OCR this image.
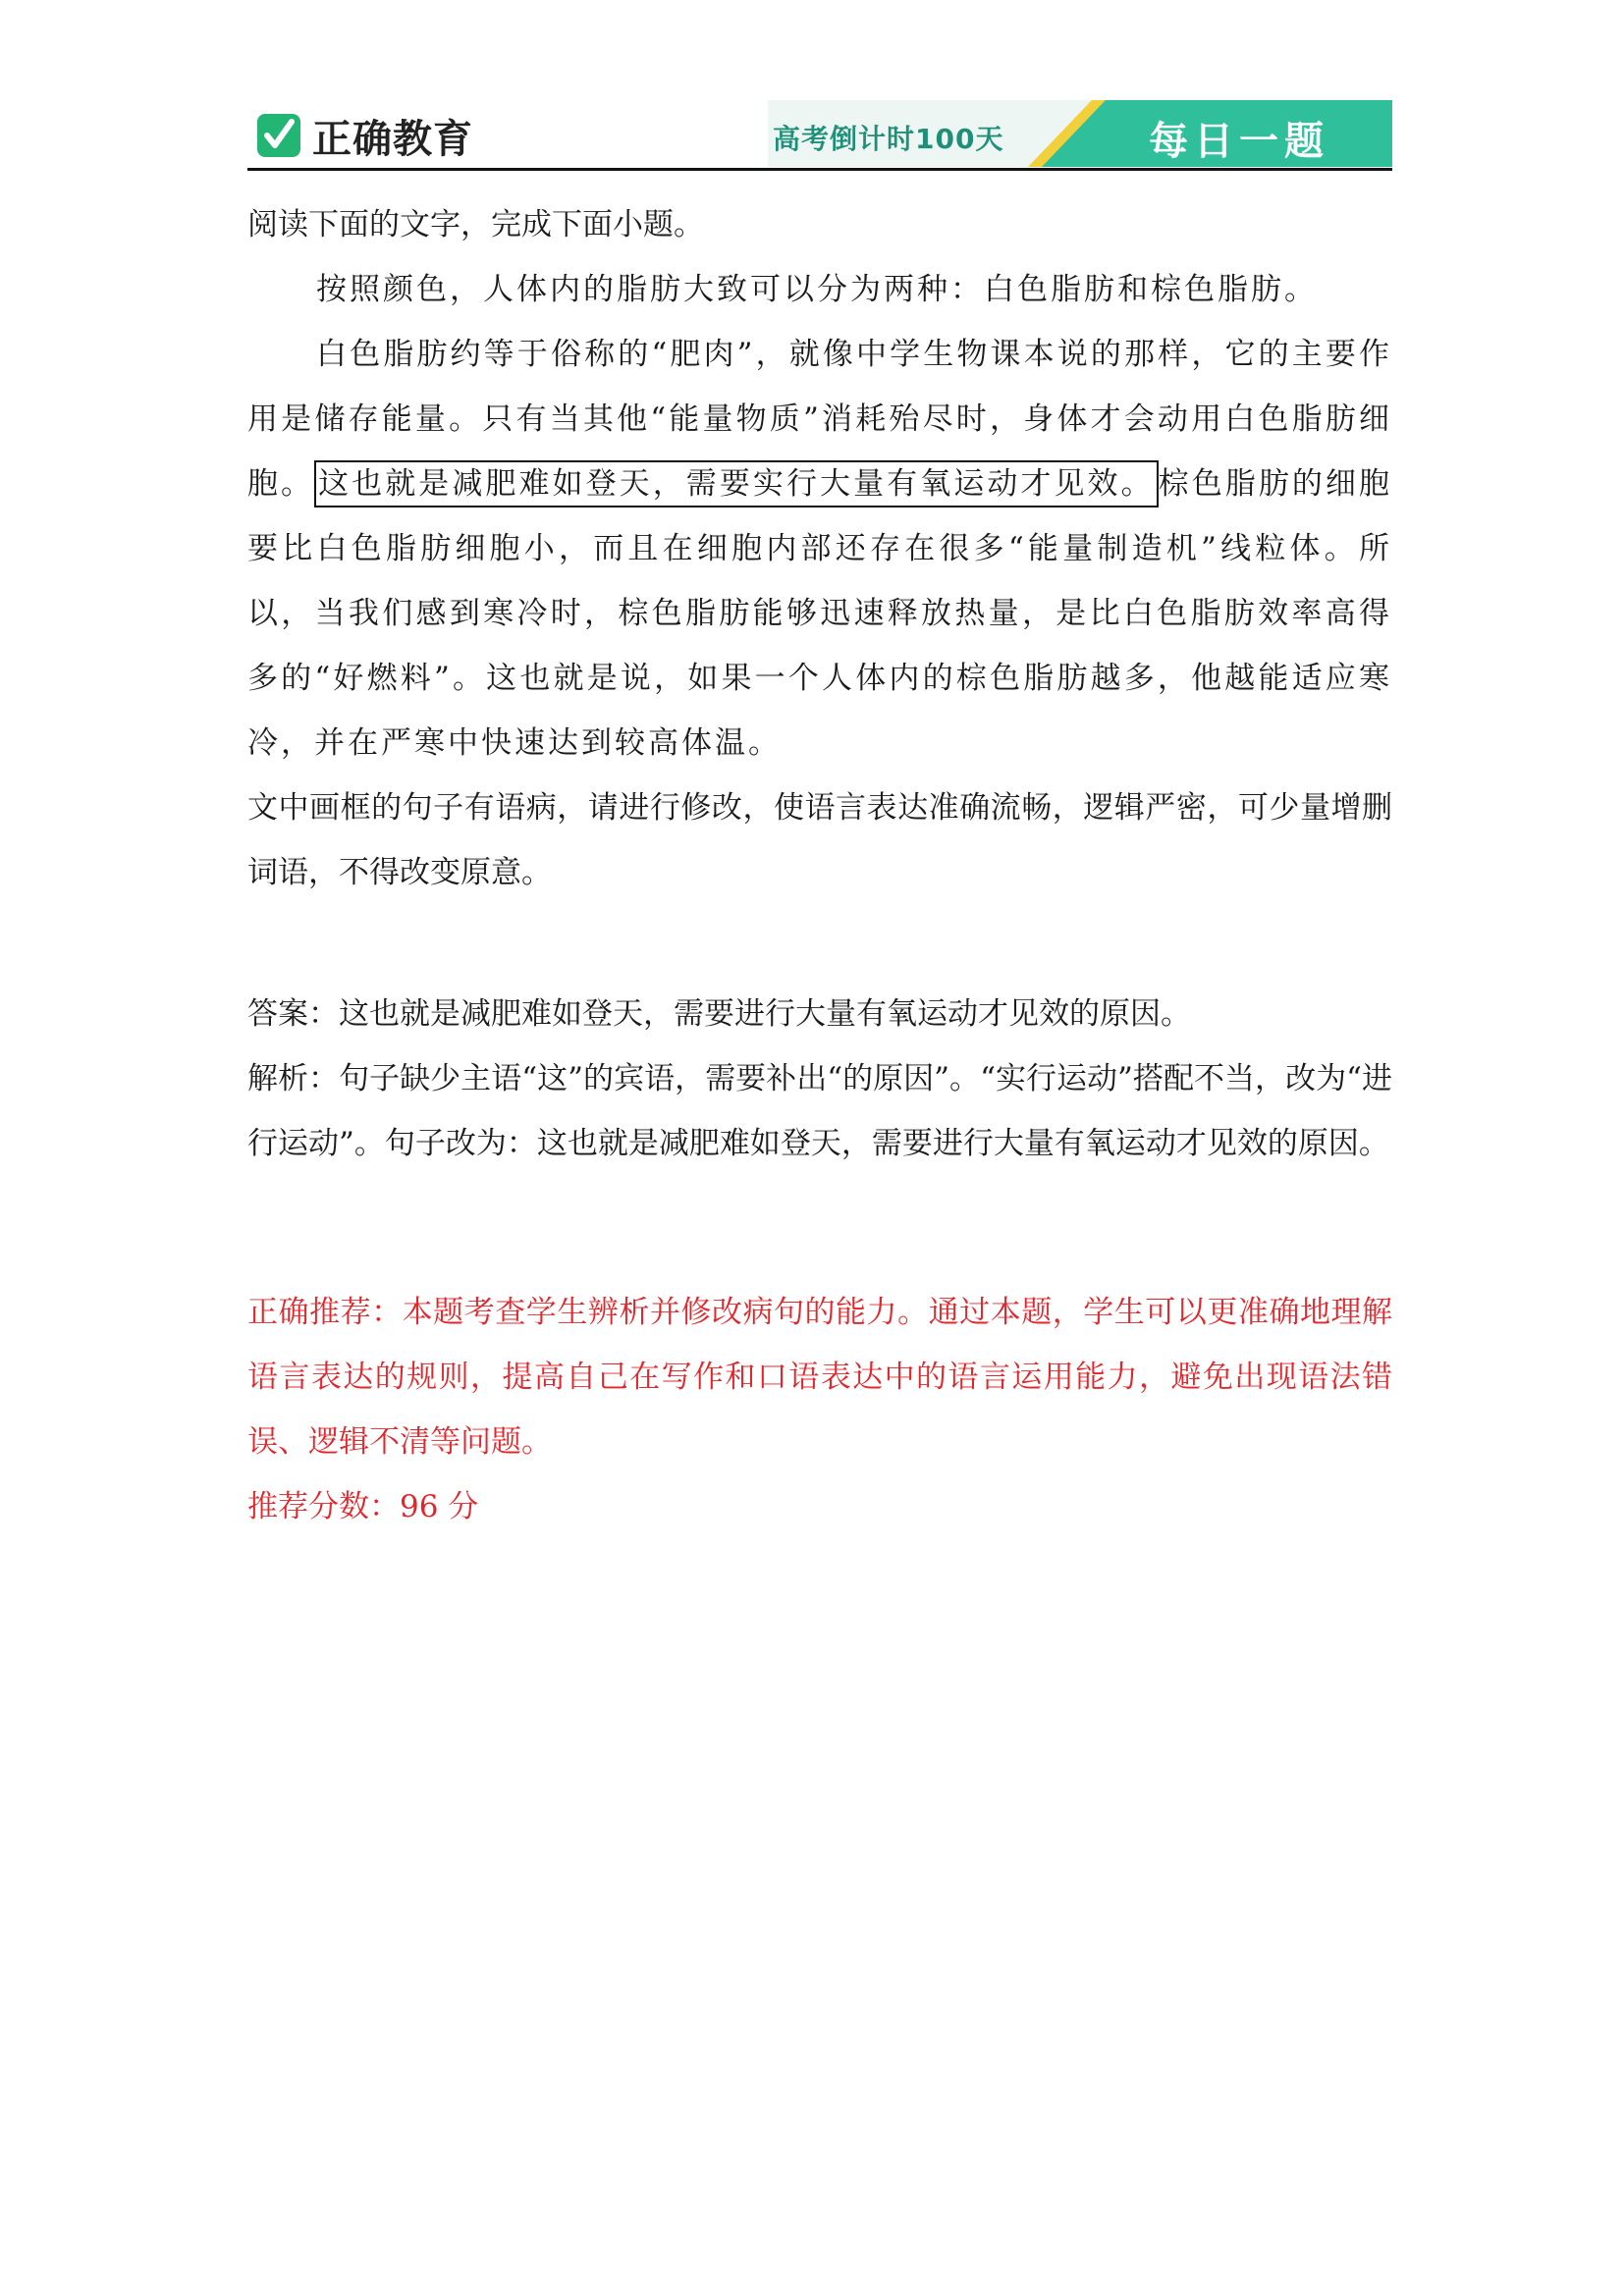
正确教育	高考倒计时100天	每日一题
阅读下面的文字，完成下面小题。
按照颜色，人体内的脂肪大致可以分为两种：白色脂肪和棕色脂肪。
白色脂肪约等于俗称的“肥肉”，就像中学生物课本说的那样，它的主要作用是储存能量。只有当其他“能量物质”消耗殆尽时，身体才会动用白色脂肪细胞。 这也就是减肥难如登天，需要实行大量有氧运动才见效。 棕色脂肪的细胞要比白色脂肪细胞小，而且在细胞内部还存在很多“能量制造机”线粒体。所以，当我们感到寒冷时，棕色脂肪能够迅速释放热量，是比白色脂肪效率高得多的“好燃料”。这也就是说，如果一个人体内的棕色脂肪越多，他越能适应寒冷，并在严寒中快速达到较高体温。
文中画框的句子有语病，请进行修改，使语言表达准确流畅，逻辑严密，可少量增删词语，不得改变原意。
答案：这也就是减肥难如登天，需要进行大量有氧运动才见效的原因。
解析：句子缺少主语“这”的宾语，需要补出“的原因”。“实行运动”搭配不当，改为“进行运动”。句子改为：这也就是减肥难如登天，需要进行大量有氧运动才见效的原因。
正确推荐：本题考查学生辨析并修改病句的能力。通过本题，学生可以更准确地理解语言表达的规则，提高自己在写作和口语表达中的语言运用能力，避免出现语法错误、逻辑不清等问题。
推荐分数：96 分
